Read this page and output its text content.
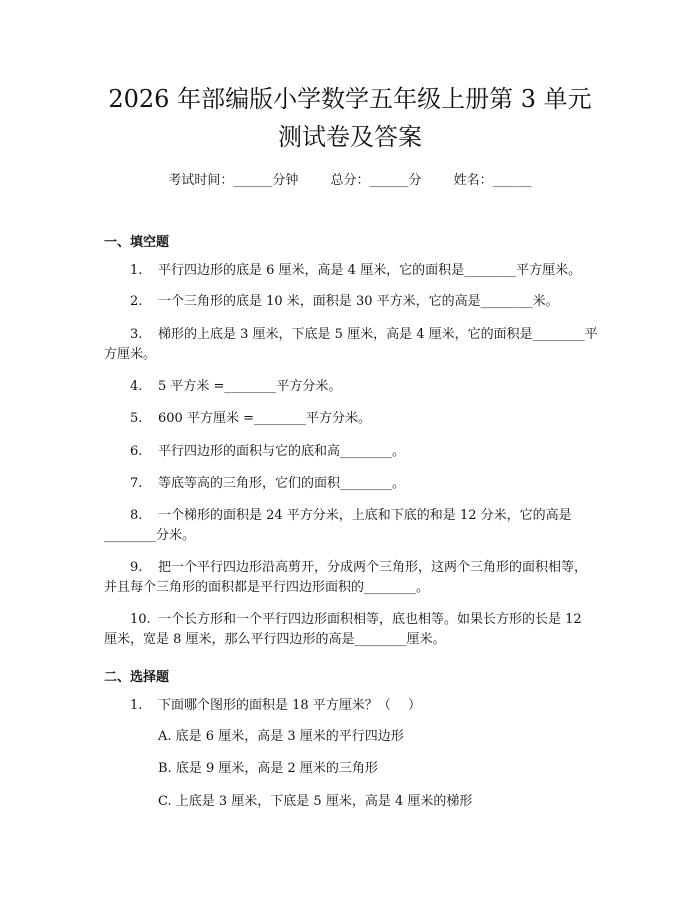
2026 年部编版小学数学五年级上册第 3 单元
测试卷及答案
考试时间：______分钟 总分：______分 姓名：______
一、填空题
1. 平行四边形的底是 6 厘米，高是 4 厘米，它的面积是________平方厘米。
2. 一个三角形的底是 10 米，面积是 30 平方米，它的高是________米。
3. 梯形的上底是 3 厘米，下底是 5 厘米，高是 4 厘米，它的面积是________平方厘米。
4. 5 平方米 =________平方分米。
5. 600 平方厘米 =________平方分米。
6. 平行四边形的面积与它的底和高________。
7. 等底等高的三角形，它们的面积________。
8. 一个梯形的面积是 24 平方分米，上底和下底的和是 12 分米，它的高是________分米。
9. 把一个平行四边形沿高剪开，分成两个三角形，这两个三角形的面积相等，并且每个三角形的面积都是平行四边形面积的________。
10. 一个长方形和一个平行四边形面积相等，底也相等。如果长方形的长是 12 厘米，宽是 8 厘米，那么平行四边形的高是________厘米。
二、选择题
1. 下面哪个图形的面积是 18 平方厘米？（　 ）
A. 底是 6 厘米，高是 3 厘米的平行四边形
B. 底是 9 厘米，高是 2 厘米的三角形
C. 上底是 3 厘米，下底是 5 厘米，高是 4 厘米的梯形
